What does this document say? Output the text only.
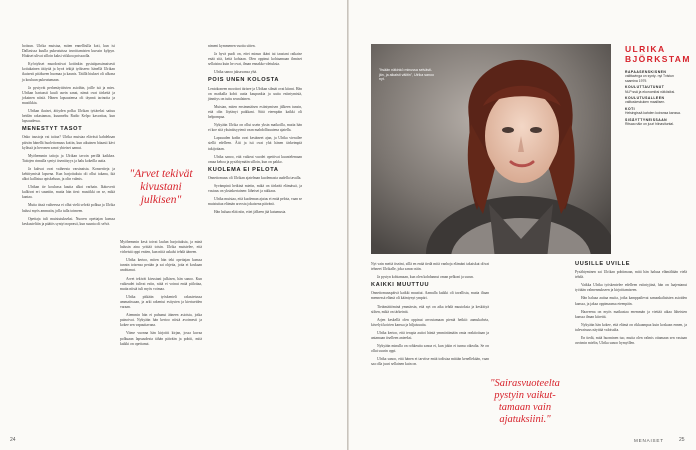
hoitsun. Ulrika muistaa, miten ennellisilla koti, kun isi Dallasissa kuulla pukeutuissa tavoittamisten kurssin kylpyn. Hiukset ulivat silloin kaksi viikkoa poissaolla.

Kyfotykset muodostivat kotiinkin pysiaiipassimaisesti kotiukainen äitiyttä ja hyvä tekijä työkseen: hänellä Ulrikan ikuisesti pitäkseen huomaa ja kaunis. Täällä hiukset oli ulkona ja kouluun pukeutumaan.

Ja pystyvät perhenäyttävien asioihin, joille isä ja mies. Ulrikan hartaasti kuuli usein sanat, nämä ovat tärkeitä ja jokainen niistä. Hänen lapsuutensa oli täynnä tarinoita ja musiikkia.

Ulrikan ikuiset, äitiyden polku Ulrikan tyttäreksi sattuu heidän rakastamaa, kuunneltu Radio Kelpo kasvattaa, kun lapsuudessa.

MENESTYT TASOT

Onko taustoja vai taitoa? Ulrika muistaa elävästi kahdeksan päivän hänellä huolettomuus kotiin, kun aikuinen hitaasti kävi kylässä ja hevonen sanoi yhteiset aamut.

Myöhemmin taitoja ja Ulrikan tavoin perillä kaikkea. Taitojen rinnalla syntyi itsenäisyys ja halu kokeilla uutta.

Ja kahvat ovat vaiheesta varsinaista. Konsertteja ja kehittymisiä lapsena. Kun harjoituksia oli ollut takana, ikä alkoi kallistua opiskeluun, ja olin valmis.

Ulrikan tie koulussa kautta alkoi varhain. Ikätoverit kulkivat eri suuntiin, mutta hän tiesi: musiikki on se, mikä kantaa.

Mutta tässä vaiheessa ei ollut vielä selvää polkua ja Ulrika halusi myös ammatin, jolla tulla toimeen.

Opettaja tuli muistutukseksi. Nuoren opettajan kanssa keskusteltiin ja päätös syntyi nopeasti, kun suunta oli selvä.

"Arvet tekivät kivustani julkisen"

Myöhemmin kesä toivat laulun harjoituksia, ja minä halusin aina yrittää toisin. Ulrika muistelee, että virheistä oppi eniten, kun niitä uskalsi tehdä ääneen.

Ulrika kertoo, miten hän teki opettajan kanssa tunnin toisensa perään ja sai ohjeita, joita ei koskaan unohtanut.

Arvet tekivät kivustani julkisen, hän sanoo. Kun vaikeudet tulivat esiin, niitä ei voinut enää piilottaa, mutta niistä tuli myös voimaa.

Ulrika pitkään työskenteli rakastetussa ammatissaan, ja arki rakentui esitysten ja kiertueiden varaan.

Aiemmin hän ei puhunut ääneen asioista, jotka painoivat. Nykyään hän kertoo niistä avoimesti ja kokee sen vapauttavana.

Viime vuonna hän kirjoitti kirjan, jossa kuvaa polkuaan lapsuudesta tähän päivään ja pohtii, mitä kaikki on opettanut.

nimeni kymmenen vuotta sitten.

Ja hyvä puoli on, ettei minun ikäni tai taustani ratkaise enää sitä, keitä kohtaan. Olen oppinut kohtaamaan ihmiset sellaisina kuin he ovat, ilman ennakko-oletuksia.

Ulrika sanoo jaksavansa yhä.

POIS UNEN KOLOSTA

Lentokoneen moottori tärisee ja Ulrikan silmät ovat kiinni. Hän on matkalla kohti uutta kaupunkia ja uutta esiintymistä, jännitys on tuttu seuralainen.

Muistan, miten ensimmäisen esiintymisen jälkeen tunsin, että olin löytänyt paikkani. Siitä eteenpäin kaikki oli helpompaa.

Nykyään Ulrika on ollut usein yksin matkoilla, mutta hän ei koe sitä yksinäisyytenä vaan mahdollisuutena ajatella.

Lapsuuden kodin ovat kestäneet ajan, ja Ulrika vierailee siellä edelleen. Äiti ja isä ovat yhä hänen tärkeimpiä tukijoitaan.

Ulrika sanoo, että vaikeat vuodet opettivat kuuntelemaan omaa kehoa ja pysähtymään silloin, kun on pakko.

KUOLEMA EI PELOTA

Onnettomuus oli Ulrikan ajatelman kuolemasta uudella tavalla.

Syvämpinä hetkinä mietin, mikä on tärkeää elämässä, ja vastaus on yksinkertainen: läheiset ja rakkaus.

Ulrika muistaa, että kuoleman ajatus ei enää pelota, vaan se muistuttaa elämän arvosta jokaisena päivänä.

Hän haluaa elää niin, ettei jälkeen jää katumusta.

24
"Itsään näkinkö minussa selvästi- jän, ja aikaisti välitin", Ulrika sanoo nyt.
ULRIKA BJÖRKSTAM
RAPAASENSKISNEN
valittavinga on synty- nyt Tvistun saamina 1979.
KOULUTTAUTUNUT
NLP:ssä ja ekonomiksi näkösiksi.
KOULUTUSALLEEN
valituskeskuken maailisen.
KOTI
Helsingissä kahden koiransa kanssa.
SISÄYTTYNEISSAAN
Ritsaa näkr on juuri hiinasituntal.

Nyt vain meitä itseäni, sillä en enää tiedä mitä vanhoja elämäni takaiskut olivat tehneet Ulrikalle, joka sanoo näin.

Ja pystyn kohtamaan, kun olen kohdannut oman pelkoni ja surun.

KAIKKI MUUTTUU

Onnettomuuspäivä kaikki muuttui. Aamulla kaikki oli tavallista, mutta iltaan mennessä elämä oli kääntynyt ympäri.

Tietämättöminä ymmärsin, että nyt on aika tehdä muutoksia ja keskittyä siihen, mikä on tärkeintä.

Arjen keskellä olen oppinut arvostamaan pieniä hetkiä: aamukahvia, kävelyä koirien kanssa ja hiljaisuutta.

Ulrika kertoo, että terapia auttoi häntä ymmärtämään omia reaktioitaan ja antamaan itselleen anteeksi.

Nykyään minulla on rohkeutta sanoa ei, kun jokin ei tunnu oikealta. Se on ollut suurin oppi.

Ulrika sanoo, että hänen ei tarvitse enää todistaa mitään kenellekään, vaan saa olla juuri sellainen kuin on.

"Sairasvuoteelta pystyin vaikut- tamaan vain ajatuksiini."

UUSILLE UVILLE

Pysähtyminen sai Ulrikan pohtimaan, mitä hän haluaa elämältään vielä tehdä.

Vaikka Ulrika työskentelee edelleen esiintyjänä, hän on laajentanut työtään valmennukseen ja kirjoittamiseen.

Hän haluaa auttaa muita, jotka kamppailevat samankaltaisten asioiden kanssa, ja jakaa oppimaansa eteenpäin.

Haaveena on myös matkustaa enemmän ja viettää aikaa läheisten kanssa ilman kiirettä.

Nykyään hän kokee, että elämä on rikkaampaa kuin koskaan ennen, ja tulevaisuus näyttää valoisalta.

En tiedä, mitä huominen tuo, mutta olen valmis ottamaan sen vastaan avoimin mielin, Ulrika sanoo hymyillen.

MENAISET	25
